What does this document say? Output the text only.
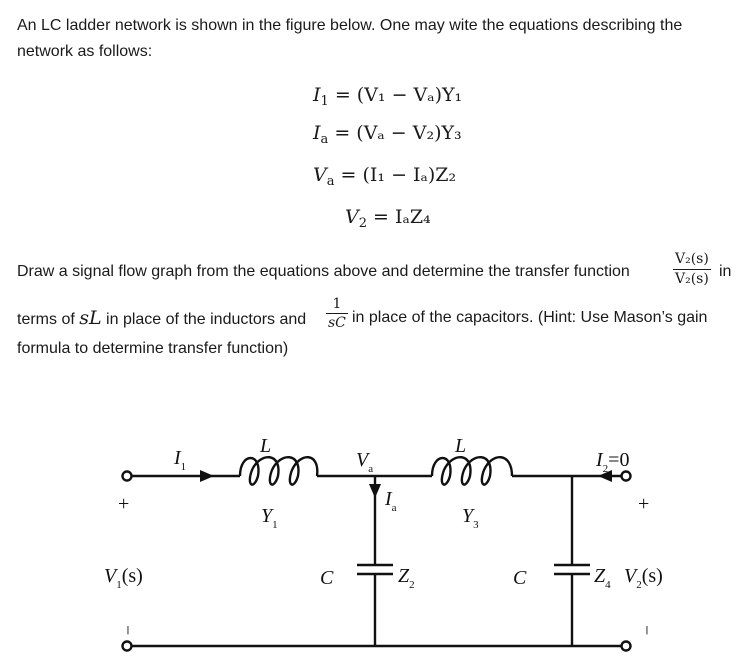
An LC ladder network is shown in the figure below. One may wite the equations describing the
network as follows:
$I_1 = (V_1 - V_a)Y_1$
$I_a = (V_a - V_2)Y_3$
$V_a = (I_1 - I_a)Z_2$
$V_2 = I_aZ_4$
Draw a signal flow graph from the equations above and determine the transfer function	$\frac{\text{V₂(s)}}{\text{V₂(s)}}$ in
terms of sL in place of the inductors and $\frac{1}{sC}$ in place of the capacitors. (Hint: Use Mason’s gain
formula to determine transfer function)
L	L
$I_1$	$V_a$
$Y_1$
$I_a$	$Y_3$
$I_2=0$
+	+
−	−
$V_1(s)$	$V_2(s)$
C	C
$Z_2$	$Z_4$
